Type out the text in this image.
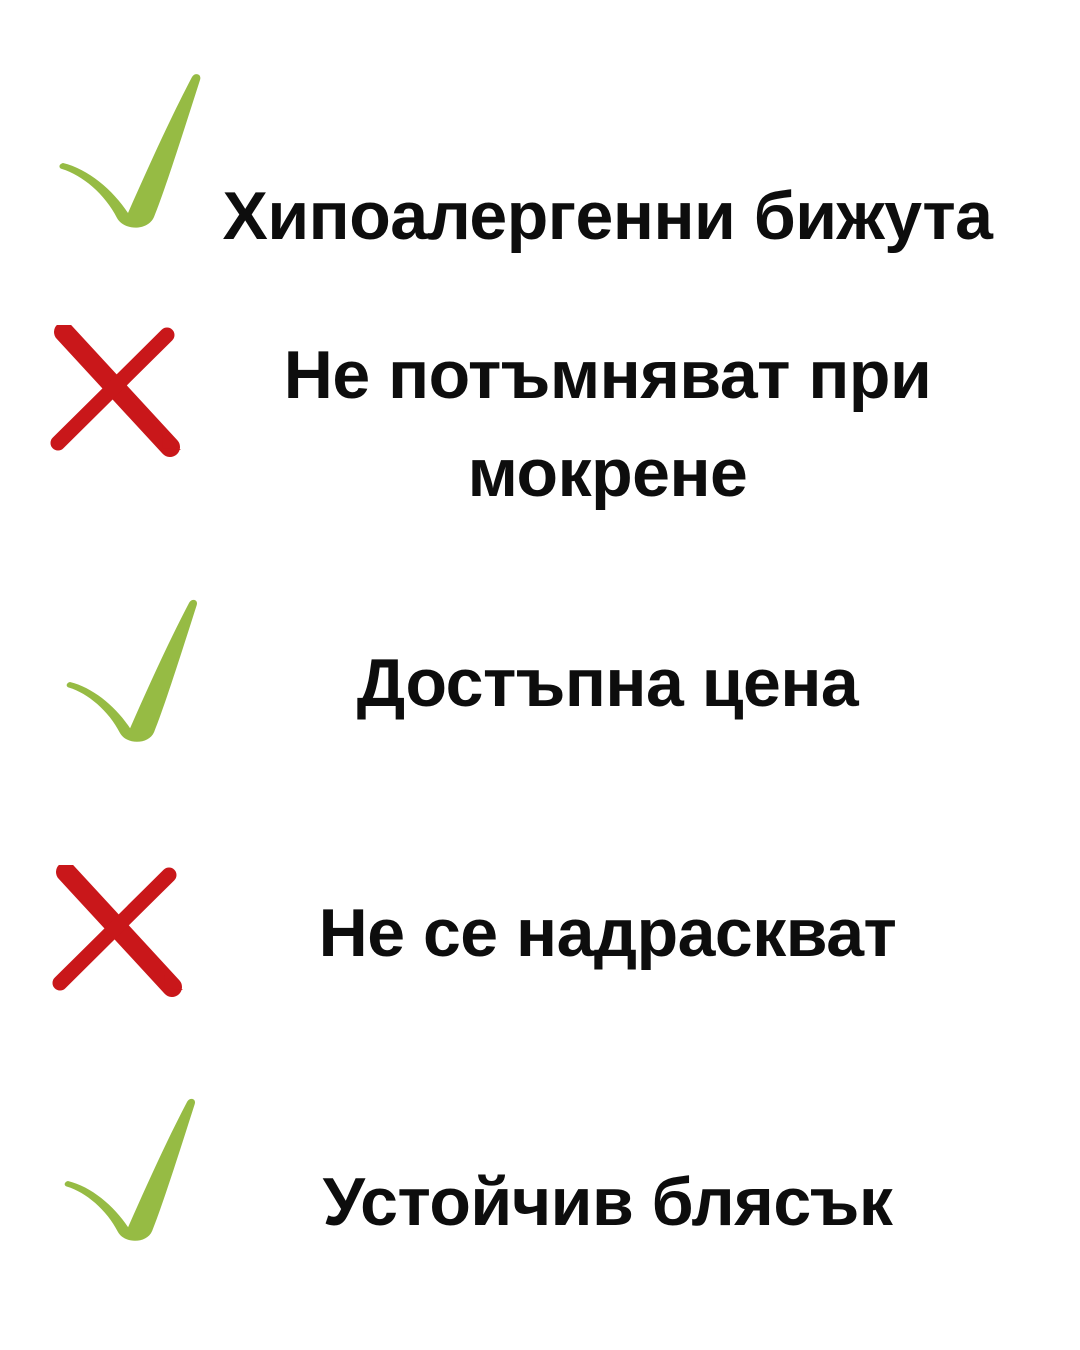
Хипоалергенни бижута
Не потъмняват при мокрене
Достъпна цена
Не се надраскват
Устойчив блясък
